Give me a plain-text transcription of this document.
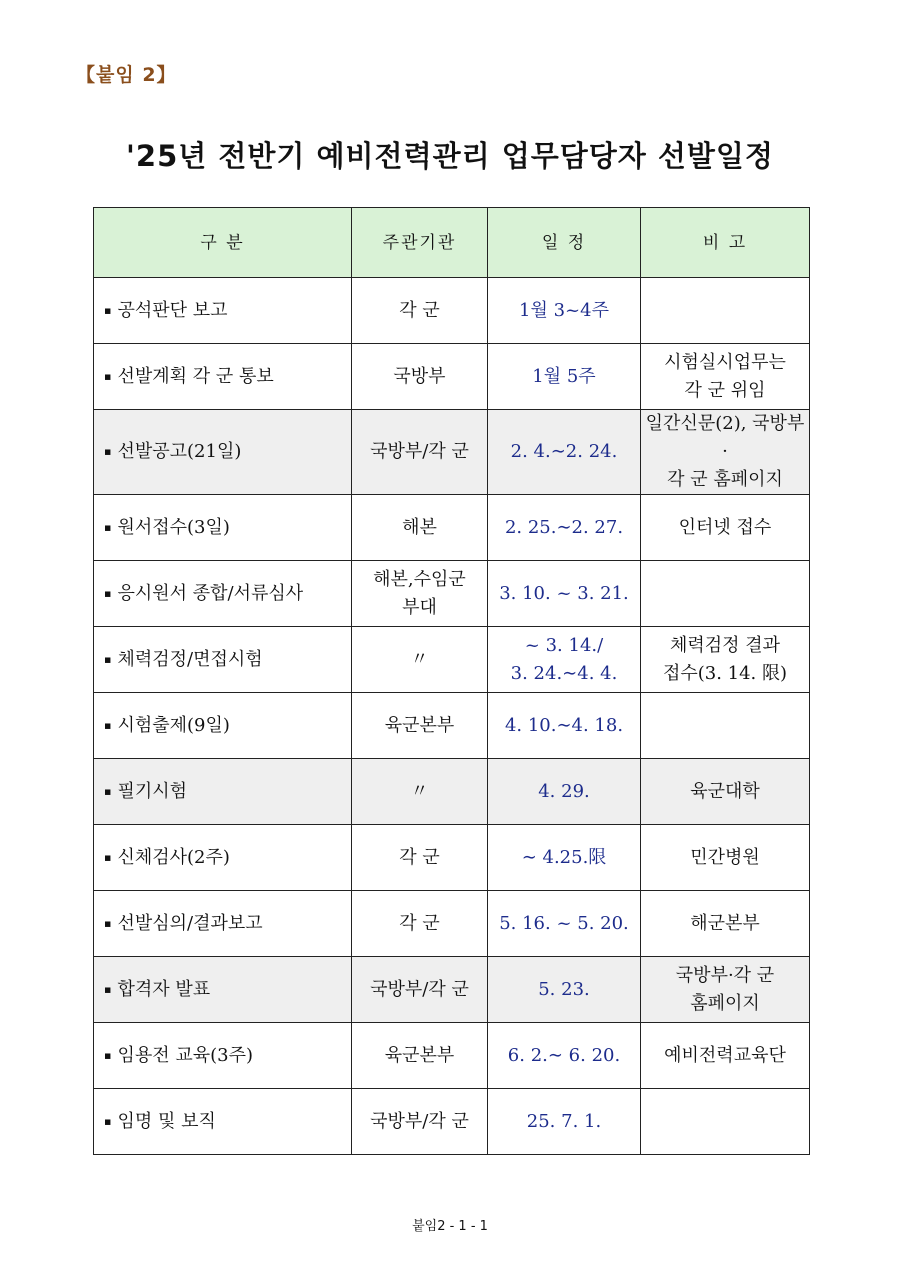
【붙임 2】
'25년 전반기 예비전력관리 업무담당자 선발일정
구 분	주관기관	일 정	비 고
▪ 공석판단 보고	각 군	1월 3~4주	
▪ 선발계획 각 군 통보	국방부	1월 5주	시험실시업무는
각 군 위임
▪ 선발공고(21일)	국방부/각 군	2. 4.∼2. 24.	일간신문(2), 국방부·
각 군 홈페이지
▪ 원서접수(3일)	해본	2. 25.∼2. 27.	인터넷 접수
▪ 응시원서 종합/서류심사	해본,수임군
부대	3. 10. ~ 3. 21.	
▪ 체력검정/면접시험	〃	~ 3. 14./
3. 24.∼4. 4.	체력검정 결과
접수(3. 14. 限)
▪ 시험출제(9일)	육군본부	4. 10.∼4. 18.	
▪ 필기시험	〃	4. 29.	육군대학
▪ 신체검사(2주)	각 군	∼ 4.25.限	민간병원
▪ 선발심의/결과보고	각 군	5. 16. ~ 5. 20.	해군본부
▪ 합격자 발표	국방부/각 군	5. 23.	국방부·각 군
홈페이지
▪ 임용전 교육(3주)	육군본부	6. 2.∼ 6. 20.	예비전력교육단
▪ 임명 및 보직	국방부/각 군	25. 7. 1.	
붙임2 - 1 - 1
